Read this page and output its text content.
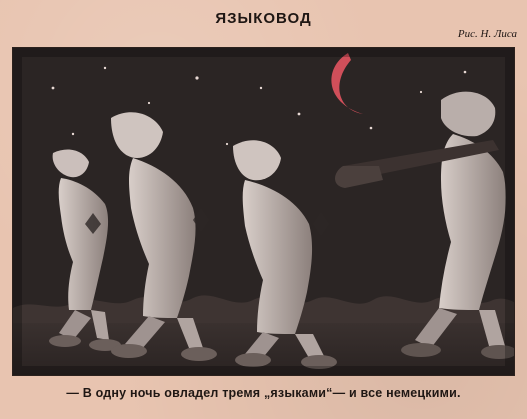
ЯЗЫКОВОД
Рис. Н. Лиса
— В одну ночь овладел тремя „языками“— и все немецкими.
